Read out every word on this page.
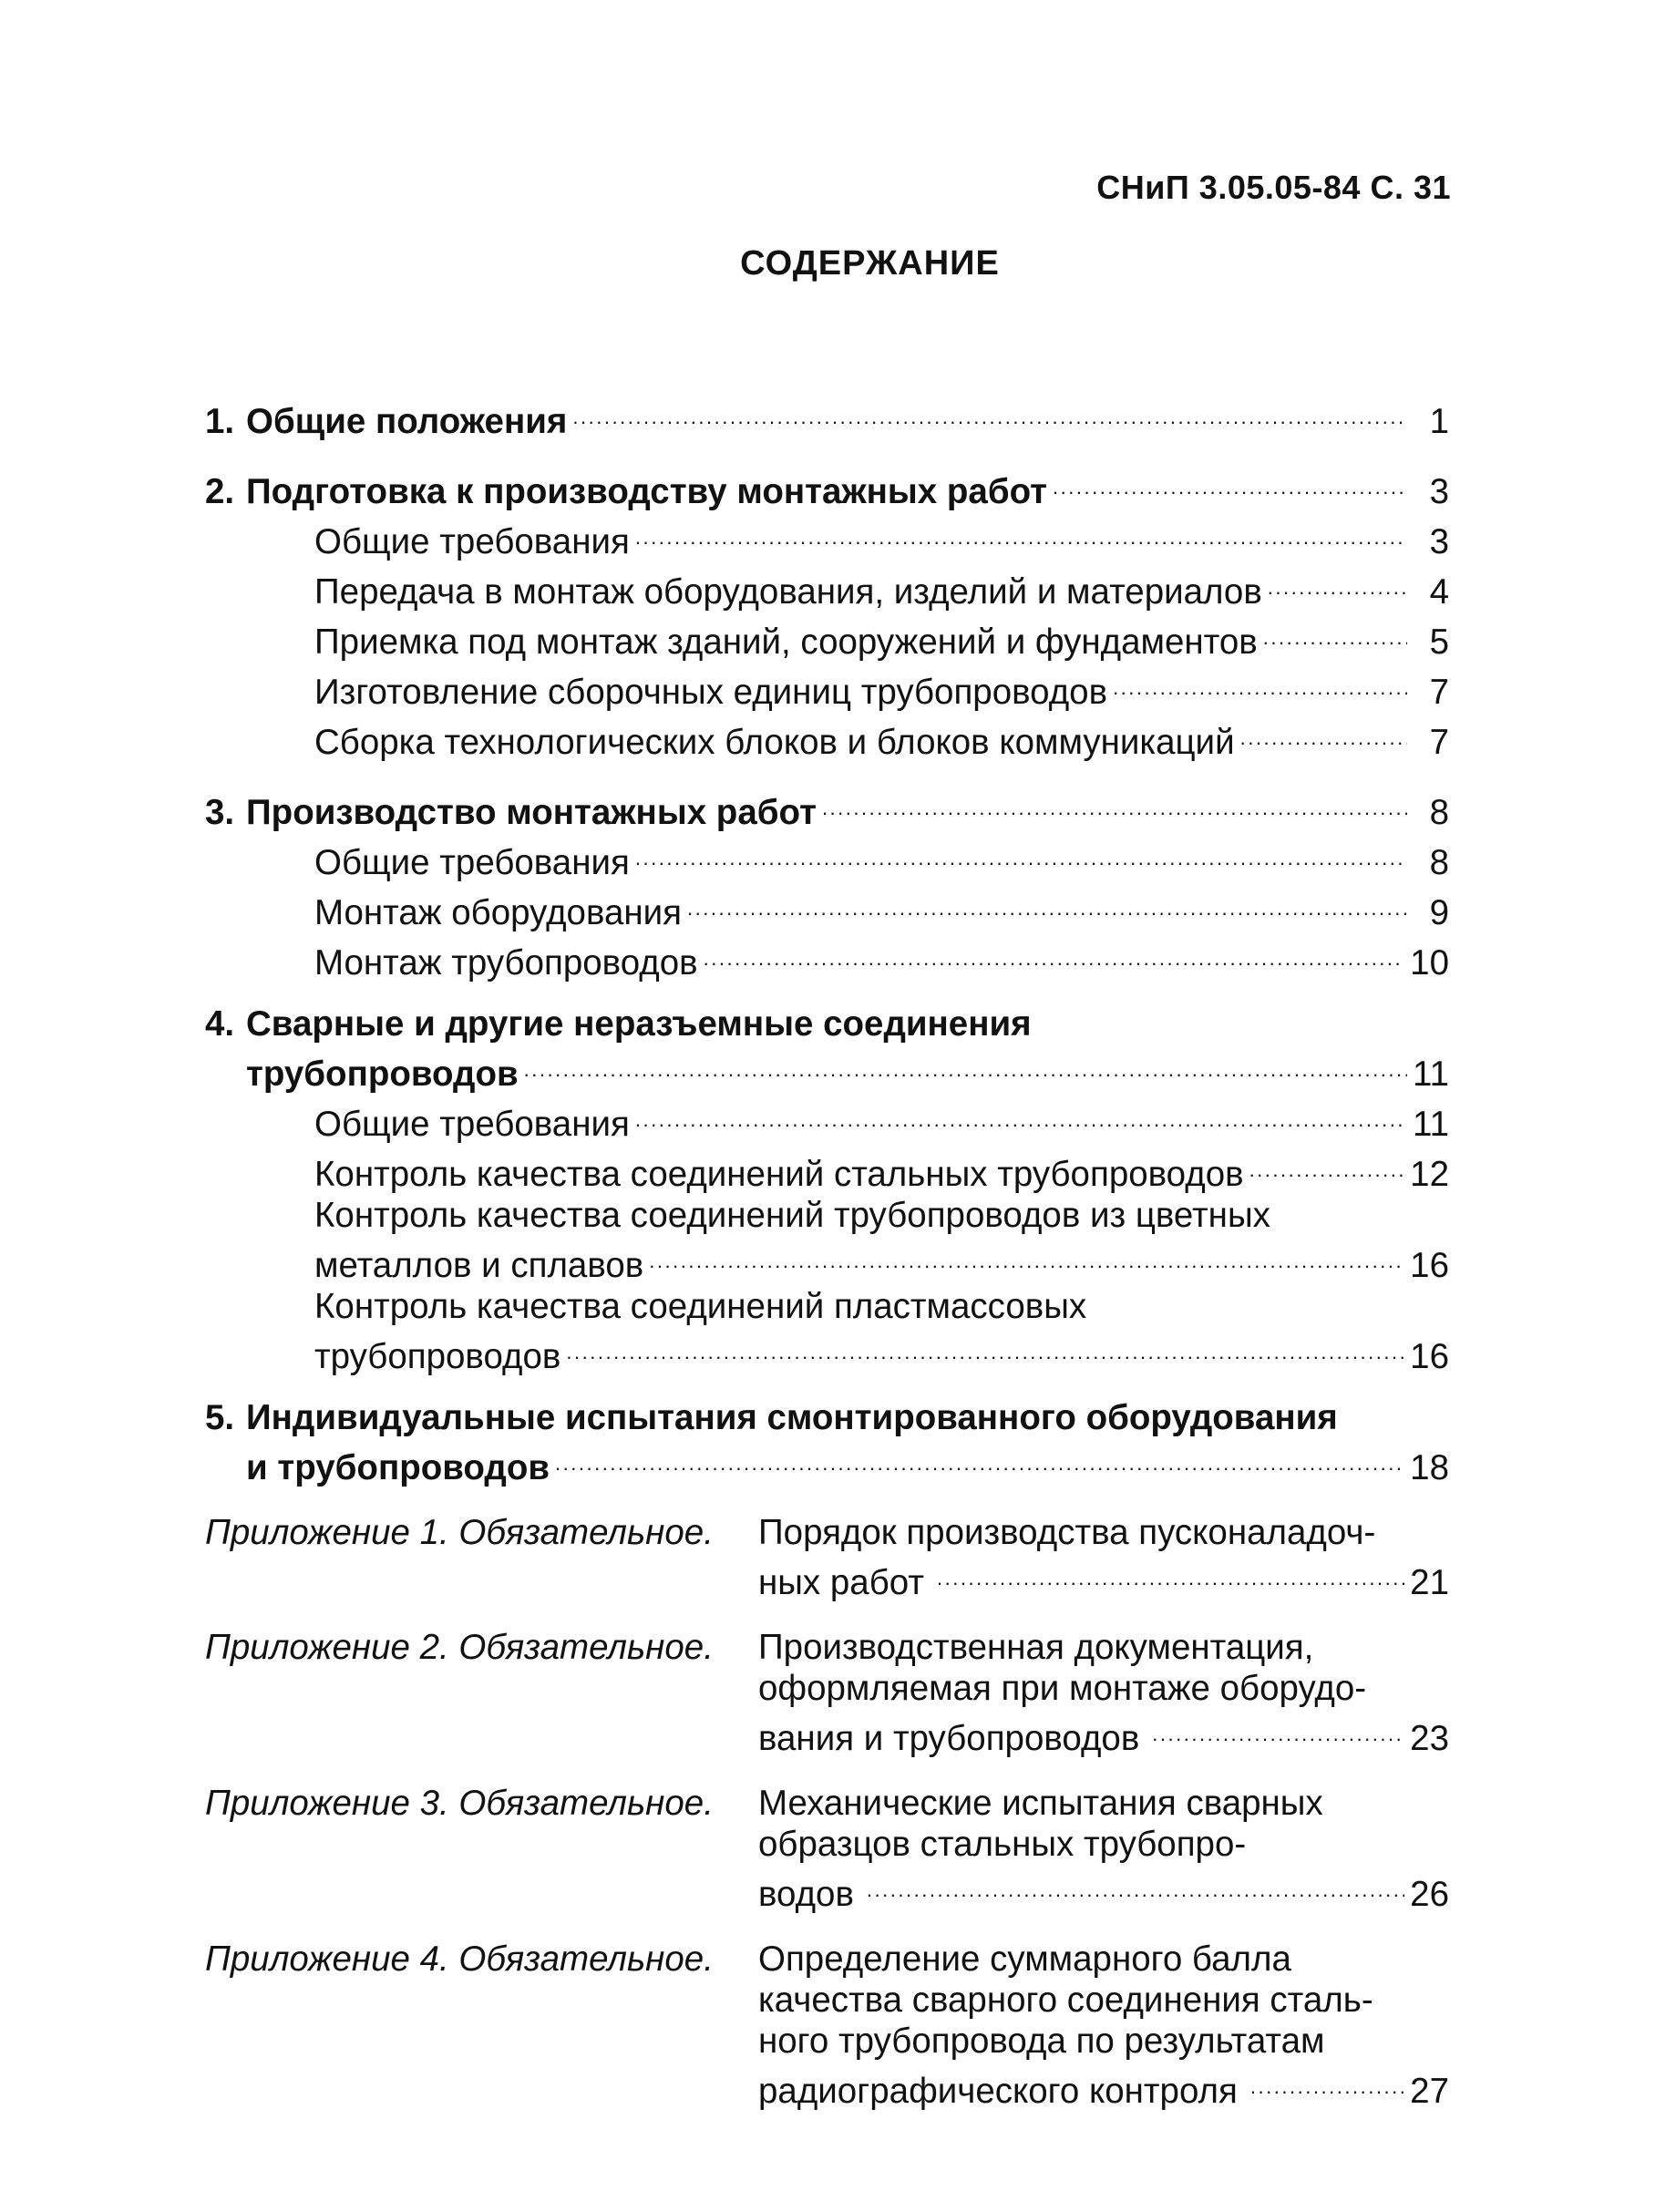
СНиП 3.05.05-84 С. 31
СОДЕРЖАНИЕ
1. Общие положения . . .	1
2. Подготовка к производству монтажных работ . . .	3
Общие требования . . .	3
Передача в монтаж оборудования, изделий и материалов . . .	4
Приемка под монтаж зданий, сооружений и фундаментов . . .	5
Изготовление сборочных единиц трубопроводов . . .	7
Сборка технологических блоков и блоков коммуникаций . . .	7
3. Производство монтажных работ . . .	8
Общие требования . . .	8
Монтаж оборудования . . .	9
Монтаж трубопроводов . . .	10
4. Сварные и другие неразъемные соединения
трубопроводов . . .	11
Общие требования . . .	11
Контроль качества соединений стальных трубопроводов . . .	12
Контроль качества соединений трубопроводов из цветных
металлов и сплавов . . .	16
Контроль качества соединений пластмассовых
трубопроводов . . .	16
5. Индивидуальные испытания смонтированного оборудования
и трубопроводов . . .	18
Приложение 1. Обязательное.	Порядок производства пусконаладоч-
ных работ . . .	21
Приложение 2. Обязательное.	Производственная документация,
оформляемая при монтаже оборудо-
вания и трубопроводов . . .	23
Приложение 3. Обязательное.	Механические испытания сварных
образцов стальных трубопро-
водов . . .	26
Приложение 4. Обязательное.	Определение суммарного балла
качества сварного соединения сталь-
ного трубопровода по результатам
радиографического контроля . . .	27
